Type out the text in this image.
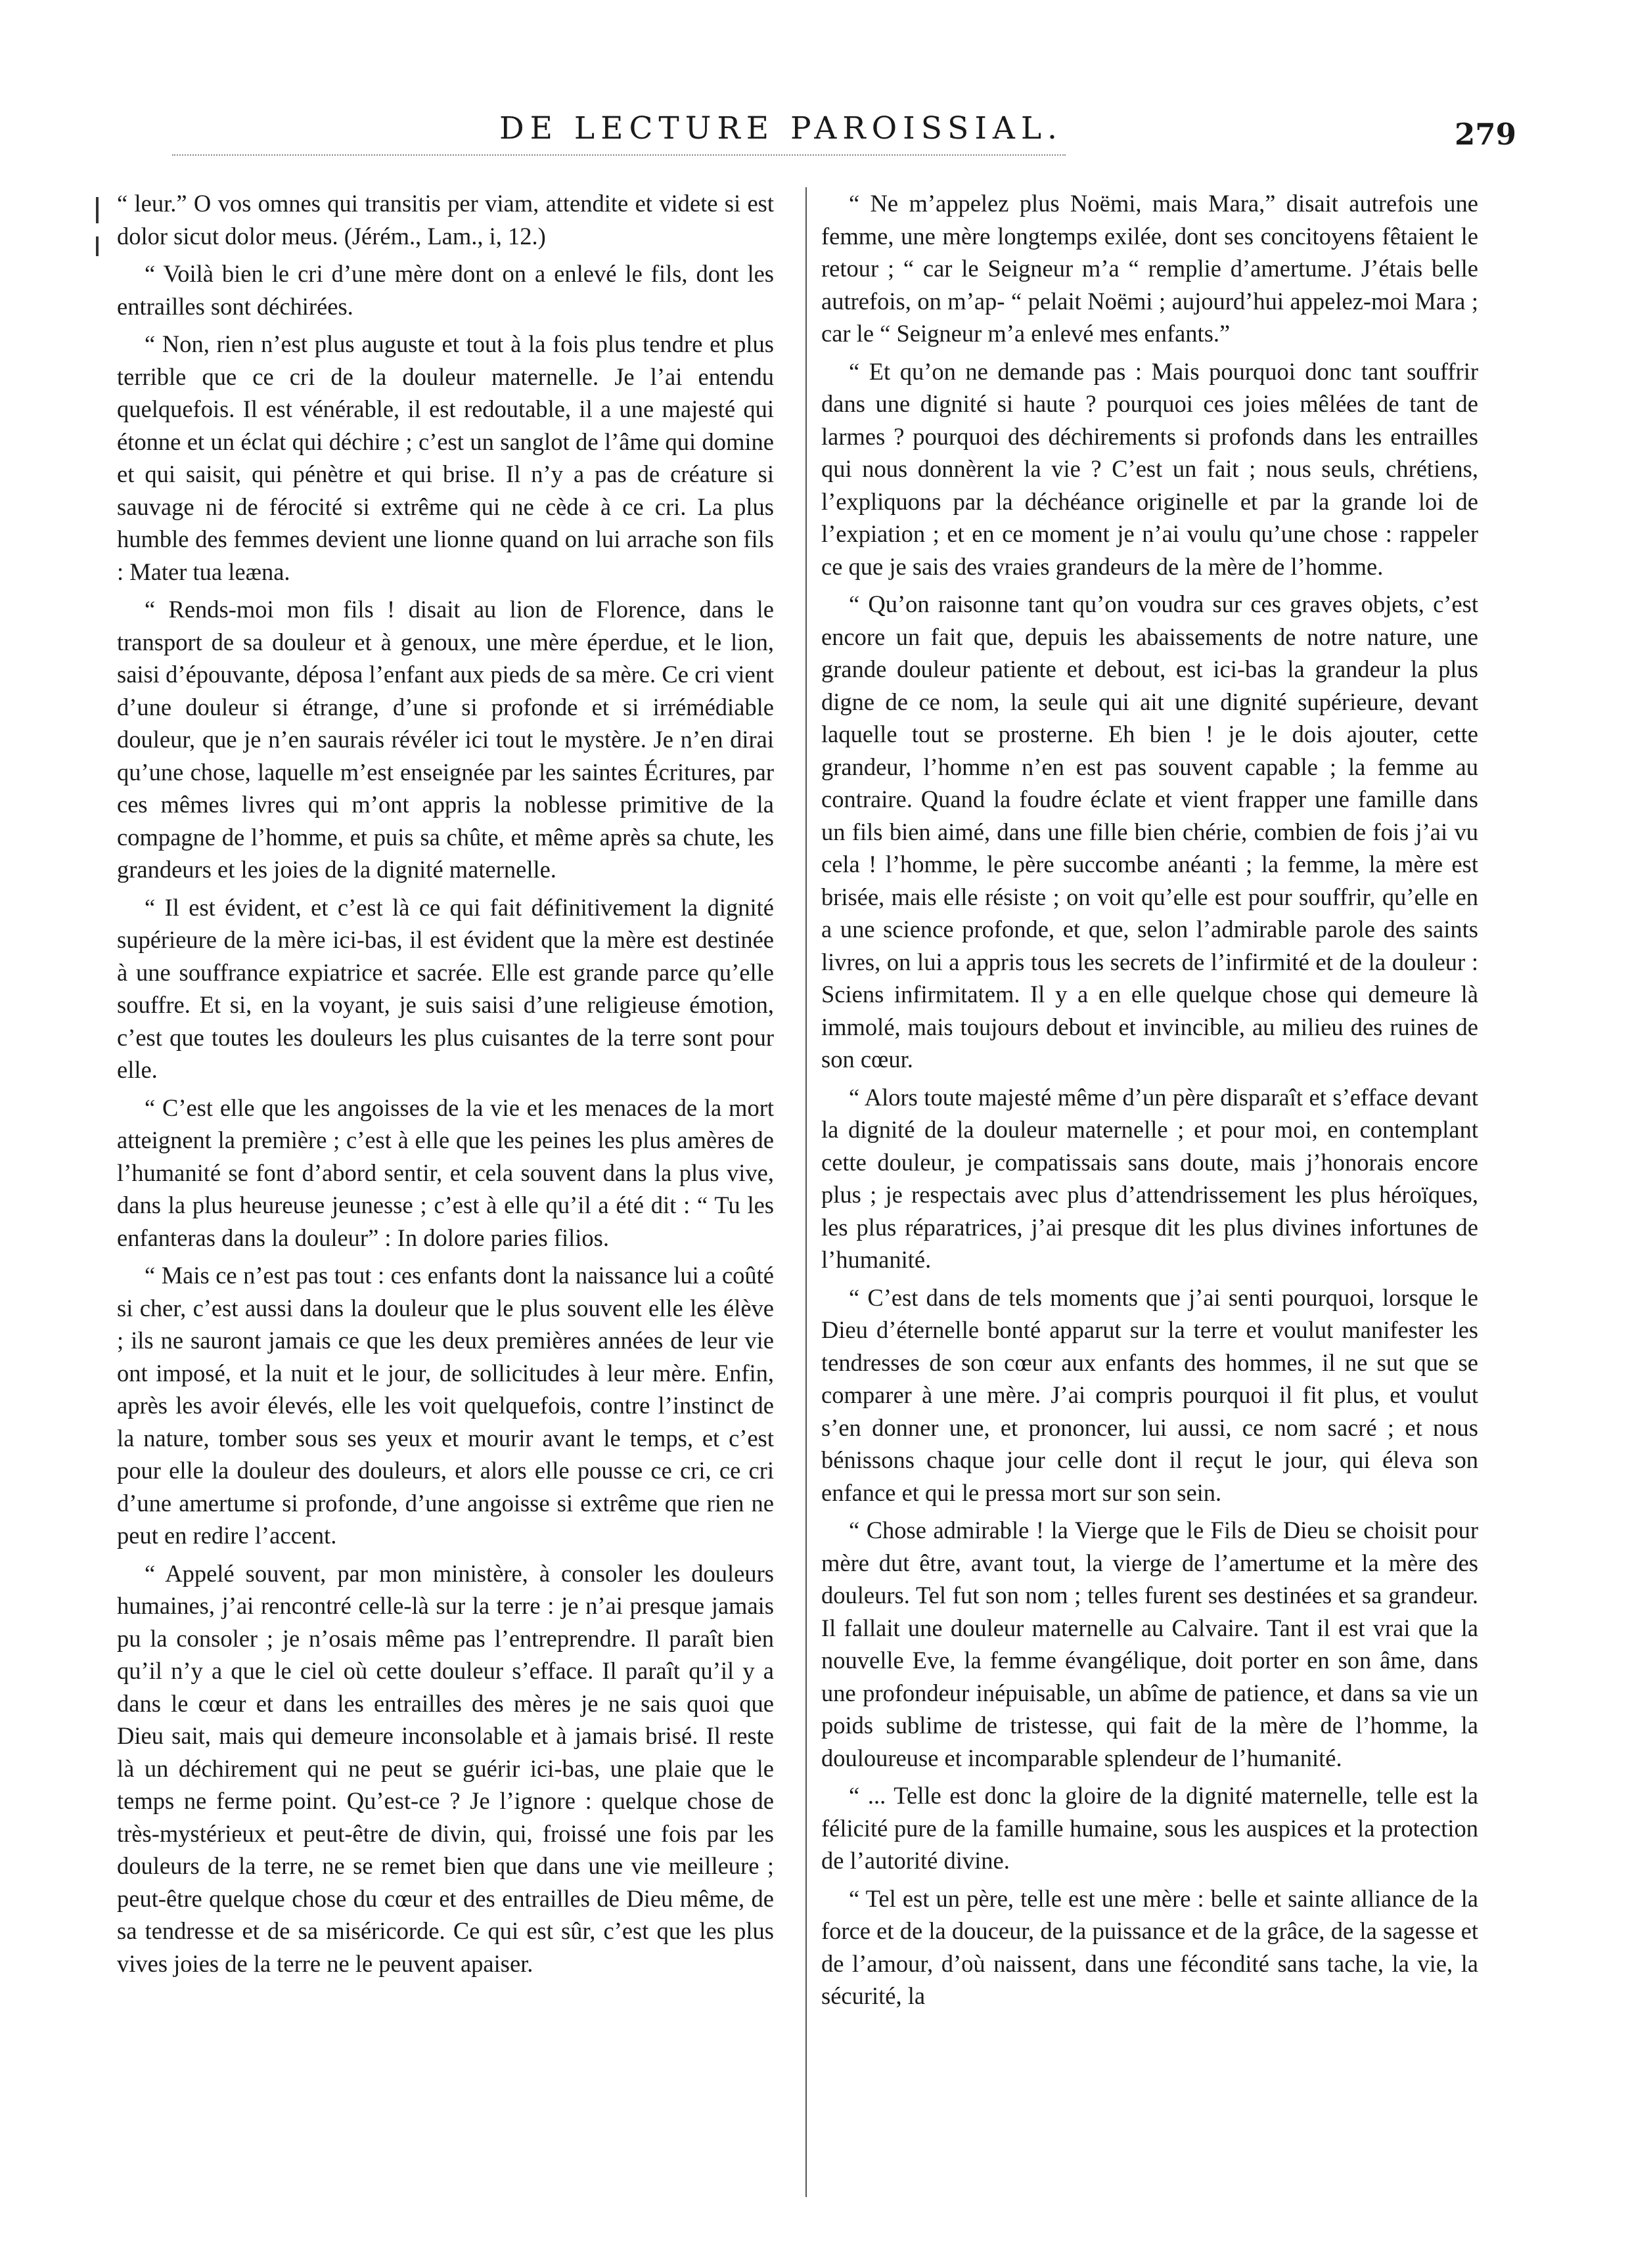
DE LECTURE PAROISSIAL.	279

“ leur.” O vos omnes qui transitis per viam, attendite et videte si est dolor sicut dolor meus. (Jérém., Lam., i, 12.)

“ Voilà bien le cri d’une mère dont on a enlevé le fils, dont les entrailles sont déchirées.

“ Non, rien n’est plus auguste et tout à la fois plus tendre et plus terrible que ce cri de la douleur maternelle. Je l’ai entendu quelquefois. Il est vénérable, il est redoutable, il a une majesté qui étonne et un éclat qui déchire ; c’est un sanglot de l’âme qui domine et qui saisit, qui pénètre et qui brise. Il n’y a pas de créature si sauvage ni de férocité si extrême qui ne cède à ce cri. La plus humble des femmes devient une lionne quand on lui arrache son fils : Mater tua leæna.

“ Rends-moi mon fils ! disait au lion de Florence, dans le transport de sa douleur et à genoux, une mère éperdue, et le lion, saisi d’épouvante, déposa l’enfant aux pieds de sa mère. Ce cri vient d’une douleur si étrange, d’une si profonde et si irrémédiable douleur, que je n’en saurais révéler ici tout le mystère. Je n’en dirai qu’une chose, laquelle m’est enseignée par les saintes Écritures, par ces mêmes livres qui m’ont appris la noblesse primitive de la compagne de l’homme, et puis sa chûte, et même après sa chute, les grandeurs et les joies de la dignité maternelle.

“ Il est évident, et c’est là ce qui fait définitivement la dignité supérieure de la mère ici-bas, il est évident que la mère est destinée à une souffrance expiatrice et sacrée. Elle est grande parce qu’elle souffre. Et si, en la voyant, je suis saisi d’une religieuse émotion, c’est que toutes les douleurs les plus cuisantes de la terre sont pour elle.

“ C’est elle que les angoisses de la vie et les menaces de la mort atteignent la première ; c’est à elle que les peines les plus amères de l’humanité se font d’abord sentir, et cela souvent dans la plus vive, dans la plus heureuse jeunesse ; c’est à elle qu’il a été dit : “ Tu les enfanteras dans la douleur” : In dolore paries filios.

“ Mais ce n’est pas tout : ces enfants dont la naissance lui a coûté si cher, c’est aussi dans la douleur que le plus souvent elle les élève ; ils ne sauront jamais ce que les deux premières années de leur vie ont imposé, et la nuit et le jour, de sollicitudes à leur mère. Enfin, après les avoir élevés, elle les voit quelquefois, contre l’instinct de la nature, tomber sous ses yeux et mourir avant le temps, et c’est pour elle la douleur des douleurs, et alors elle pousse ce cri, ce cri d’une amertume si profonde, d’une angoisse si extrême que rien ne peut en redire l’accent.

“ Appelé souvent, par mon ministère, à consoler les douleurs humaines, j’ai rencontré celle-là sur la terre : je n’ai presque jamais pu la consoler ; je n’osais même pas l’entreprendre. Il paraît bien qu’il n’y a que le ciel où cette douleur s’efface. Il paraît qu’il y a dans le cœur et dans les entrailles des mères je ne sais quoi que Dieu sait, mais qui demeure inconsolable et à jamais brisé. Il reste là un déchirement qui ne peut se guérir ici-bas, une plaie que le temps ne ferme point. Qu’est-ce ? Je l’ignore : quelque chose de très-mystérieux et peut-être de divin, qui, froissé une fois par les douleurs de la terre, ne se remet bien que dans une vie meilleure ; peut-être quelque chose du cœur et des entrailles de Dieu même, de sa tendresse et de sa miséricorde. Ce qui est sûr, c’est que les plus vives joies de la terre ne le peuvent apaiser.

“ Ne m’appelez plus Noëmi, mais Mara,” disait autrefois une femme, une mère longtemps exilée, dont ses concitoyens fêtaient le retour ; “ car le Seigneur m’a “ remplie d’amertume. J’étais belle autrefois, on m’ap- “ pelait Noëmi ; aujourd’hui appelez-moi Mara ; car le “ Seigneur m’a enlevé mes enfants.”

“ Et qu’on ne demande pas : Mais pourquoi donc tant souffrir dans une dignité si haute ? pourquoi ces joies mêlées de tant de larmes ? pourquoi des déchirements si profonds dans les entrailles qui nous donnèrent la vie ? C’est un fait ; nous seuls, chrétiens, l’expliquons par la déchéance originelle et par la grande loi de l’expiation ; et en ce moment je n’ai voulu qu’une chose : rappeler ce que je sais des vraies grandeurs de la mère de l’homme.

“ Qu’on raisonne tant qu’on voudra sur ces graves objets, c’est encore un fait que, depuis les abaissements de notre nature, une grande douleur patiente et debout, est ici-bas la grandeur la plus digne de ce nom, la seule qui ait une dignité supérieure, devant laquelle tout se prosterne. Eh bien ! je le dois ajouter, cette grandeur, l’homme n’en est pas souvent capable ; la femme au contraire. Quand la foudre éclate et vient frapper une famille dans un fils bien aimé, dans une fille bien chérie, combien de fois j’ai vu cela ! l’homme, le père succombe anéanti ; la femme, la mère est brisée, mais elle résiste ; on voit qu’elle est pour souffrir, qu’elle en a une science profonde, et que, selon l’admirable parole des saints livres, on lui a appris tous les secrets de l’infirmité et de la douleur : Sciens infirmitatem. Il y a en elle quelque chose qui demeure là immolé, mais toujours debout et invincible, au milieu des ruines de son cœur.

“ Alors toute majesté même d’un père disparaît et s’efface devant la dignité de la douleur maternelle ; et pour moi, en contemplant cette douleur, je compatissais sans doute, mais j’honorais encore plus ; je respectais avec plus d’attendrissement les plus héroïques, les plus réparatrices, j’ai presque dit les plus divines infortunes de l’humanité.

“ C’est dans de tels moments que j’ai senti pourquoi, lorsque le Dieu d’éternelle bonté apparut sur la terre et voulut manifester les tendresses de son cœur aux enfants des hommes, il ne sut que se comparer à une mère. J’ai compris pourquoi il fit plus, et voulut s’en donner une, et prononcer, lui aussi, ce nom sacré ; et nous bénissons chaque jour celle dont il reçut le jour, qui éleva son enfance et qui le pressa mort sur son sein.

“ Chose admirable ! la Vierge que le Fils de Dieu se choisit pour mère dut être, avant tout, la vierge de l’amertume et la mère des douleurs. Tel fut son nom ; telles furent ses destinées et sa grandeur. Il fallait une douleur maternelle au Calvaire. Tant il est vrai que la nouvelle Eve, la femme évangélique, doit porter en son âme, dans une profondeur inépuisable, un abîme de patience, et dans sa vie un poids sublime de tristesse, qui fait de la mère de l’homme, la douloureuse et incomparable splendeur de l’humanité.

“ ... Telle est donc la gloire de la dignité maternelle, telle est la félicité pure de la famille humaine, sous les auspices et la protection de l’autorité divine.

“ Tel est un père, telle est une mère : belle et sainte alliance de la force et de la douceur, de la puissance et de la grâce, de la sagesse et de l’amour, d’où naissent, dans une fécondité sans tache, la vie, la sécurité, la
